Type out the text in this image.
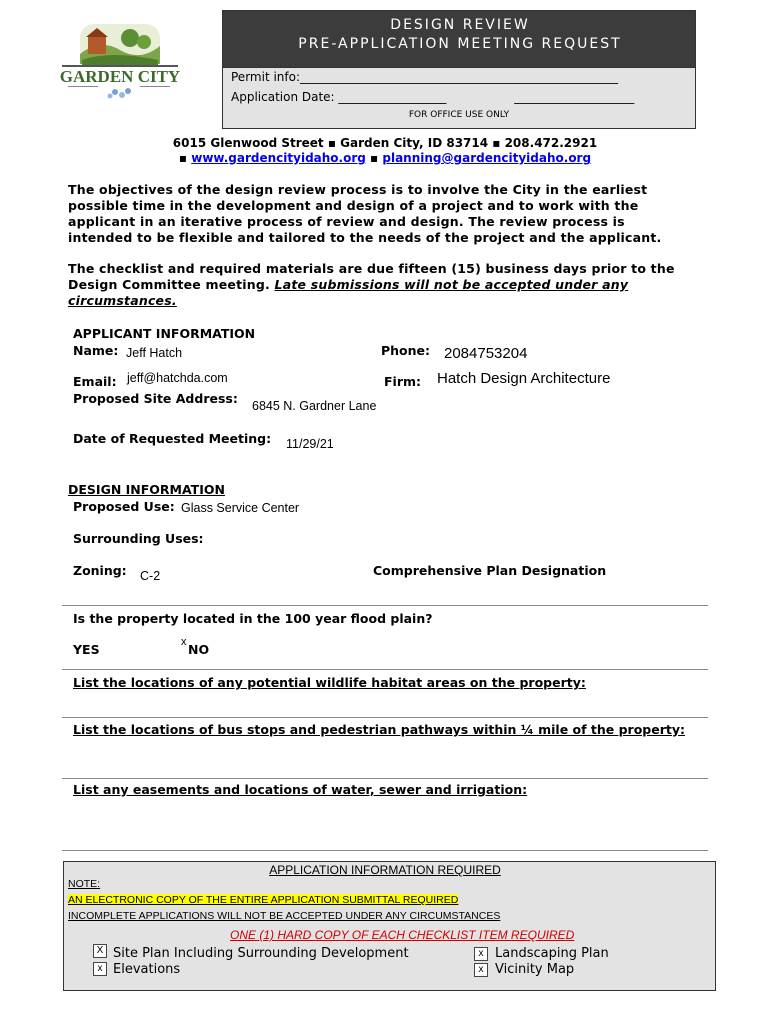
GARDEN CITY
DESIGN REVIEW
PRE-APPLICATION MEETING REQUEST
Permit info:_____________________________________________________
Application Date: __________________	____________________
FOR OFFICE USE ONLY
6015 Glenwood Street ▪ Garden City, ID 83714 ▪ 208.472.2921
▪ www.gardencityidaho.org ▪ planning@gardencityidaho.org
The objectives of the design review process is to involve the City in the earliest possible time in the development and design of a project and to work with the applicant in an iterative process of review and design. The review process is intended to be flexible and tailored to the needs of the project and the applicant.
The checklist and required materials are due fifteen (15) business days prior to the Design Committee meeting. Late submissions will not be accepted under any circumstances.
APPLICANT INFORMATION
Name: Jeff Hatch	Phone: 2084753204
Email: jeff@hatchda.com	Firm: Hatch Design Architecture
Proposed Site Address: 6845 N. Gardner Lane
Date of Requested Meeting: 11/29/21
DESIGN INFORMATION
Proposed Use: Glass Service Center
Surrounding Uses:
Zoning: C-2	Comprehensive Plan Designation
Is the property located in the 100 year flood plain?
YES	x NO
List the locations of any potential wildlife habitat areas on the property:
List the locations of bus stops and pedestrian pathways within ¼ mile of the property:
List any easements and locations of water, sewer and irrigation:
APPLICATION INFORMATION REQUIRED
NOTE:
AN ELECTRONIC COPY OF THE ENTIRE APPLICATION SUBMITTAL REQUIRED
INCOMPLETE APPLICATIONS WILL NOT BE ACCEPTED UNDER ANY CIRCUMSTANCES
ONE (1) HARD COPY OF EACH CHECKLIST ITEM REQUIRED
X Site Plan Including Surrounding Development
x Elevations
x Landscaping Plan
x Vicinity Map
